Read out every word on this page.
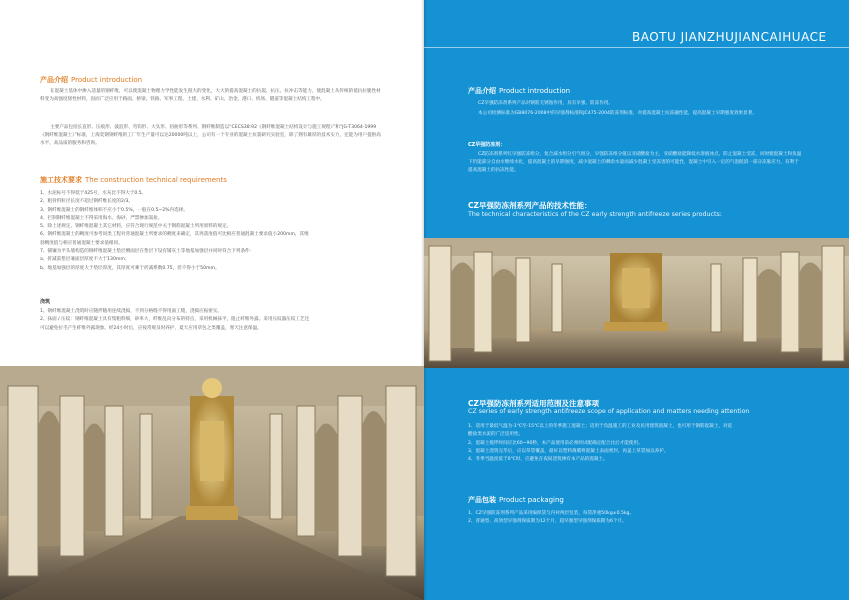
产品介绍 Product introduction
在混凝土基体中掺入适量的钢纤维，可以使混凝土物理力学性能发生很大的变化，大大的提高混凝土的抗裂、抗压、抗冲击等能力，使混凝土从传统的低抗拉脆性材料变为高强度韧性材料，因而广泛应用于路面、桥梁、铁路、军事工程、土建、水利、矿山、冶金、港口、机场、隧道等混凝土结构工程中。
主要产品包括长直形、压痕形、波浪形、弯钩形、大头形、扭曲形等系列、钢纤维制造以“CECS38:92《钢纤维混凝土结构设计与施工规程》”和“JG-T3064-1999《钢纤维混凝土》”标准，上海奕钢钢纤维的工厂年生产量可以达20000吨以上，公司有一个专业的混凝土抗裂研究实验室，除了拥有雄厚的技术实力，还能为用户提供高水平、高品质的服务和咨询。
施工技术要求 The construction technical requirements
1、水泥标号不得低于425号，水灰比不得大于0.5。
2、粗骨料粒径长度不超过钢纤维长度的2/3。
3、钢纤维混凝土的钢纤维体积不应小于0.5%，一般在0.5~2%内选择。
4、拦制钢纤维混凝土不得采用海水、海砂，严禁掺加氯盐。
5、除上述规定，钢纤维混凝土其它材料，应符合现行规范中关于钢筋混凝土所用原料的规定。
6、钢纤维混凝土的稠度可参考同类工程对普通混凝土所要求的稠度来确定，其坍落度值可比相应普通混凝土要求值小200mm，其维
勃稠度值与相应普通混凝土要求值相同。
7、铺镶为平头墙构造的钢纤维混凝土垫层侧面层在垫层下设有铺灰土等地基加强层并同时符合下列条件：
a、折减前垫层兼面层厚度不大于130mm；
b、地基加强层的厚度大于垫层厚度，其厚度可乘于折减系数0.75，但不得小于50mm。
浇筑
1、钢纤维混凝土浇筑时应随拌随用连续浇捣，不到分格缝不得甩面工缝，浇捣应振密实。
2、抹面 / 压纹：钢纤维混凝土具有集粗料细，砂率大，纤维乱向分布的特点，采用机械抹平，阻止纤维外露。采用压纹器压纹工艺还
可以避免拉毛产生纤维外露现象。经24小时后，应按常规及时养护，夏天应用草包之类覆盖，寒天注意保温。
BAOTU JIANZHUJIANCAIHUACE
产品介绍 Product introduction
CZ早强防冻剂系列产品对钢筋无锈蚀作用，具有早强、防冻作用。
本公司检测标准为GB8076-2008中的早强剂标准和JC475-2004防冻剂标准，对提高混凝土抗冻融性能，提高混凝土早期强度效果显著。
CZ早强防冻剂：
CZ防冻剂系列红早强防冻组分，复合减水组分引气组分，早强防冻组分值以亚硝酸盐为主，亚硝酸盐能降低水溶液冰点，防止混凝土受冻，同时使混凝土和负温下仍能部分自由水继续水化，提高混凝土的早期强度，减少混凝土的剩余水量而减少混凝土受冻害的可能性，混凝土中引入一定的气泡既消一部分冻胀应力，有利于提高混凝土的抗冻性能。
CZ早强防冻剂系列产品的技术性能：
The technical characteristics of the CZ early strength antifreeze series products:
CZ早强防冻剂系列适用范围及注意事项
CZ series of early strength antifreeze scope of application and matters needing attention
1、适用于最低气温为-1℃至-15℃以上的冬季施工混凝土；适用于负温施工的工业及民用建筑混凝土，也可用于钢筋混凝土，对硅
酸盐类水泥的广泛适用性。
2、混凝土搅拌时间应比60~90秒，本产品使用前必须经试配确定配合比后才能使用。
3、混凝土浇筑完毕后，应以草袋覆盖，最好以塑料薄膜将混凝土表面密封，再盖上草袋加以养护。
4、冬季当温度低于0℃时，应避免在夜间浇筑掺有本产品的混凝土。
产品包装 Product packaging
1、CZ早强防冻剂系列产品采用编织袋与内衬两层包装，每袋净重50kg±0.5kg。
2、普通型、高效型早强剂保质期为12个月，超早强型早强剂保质期为6个月。
